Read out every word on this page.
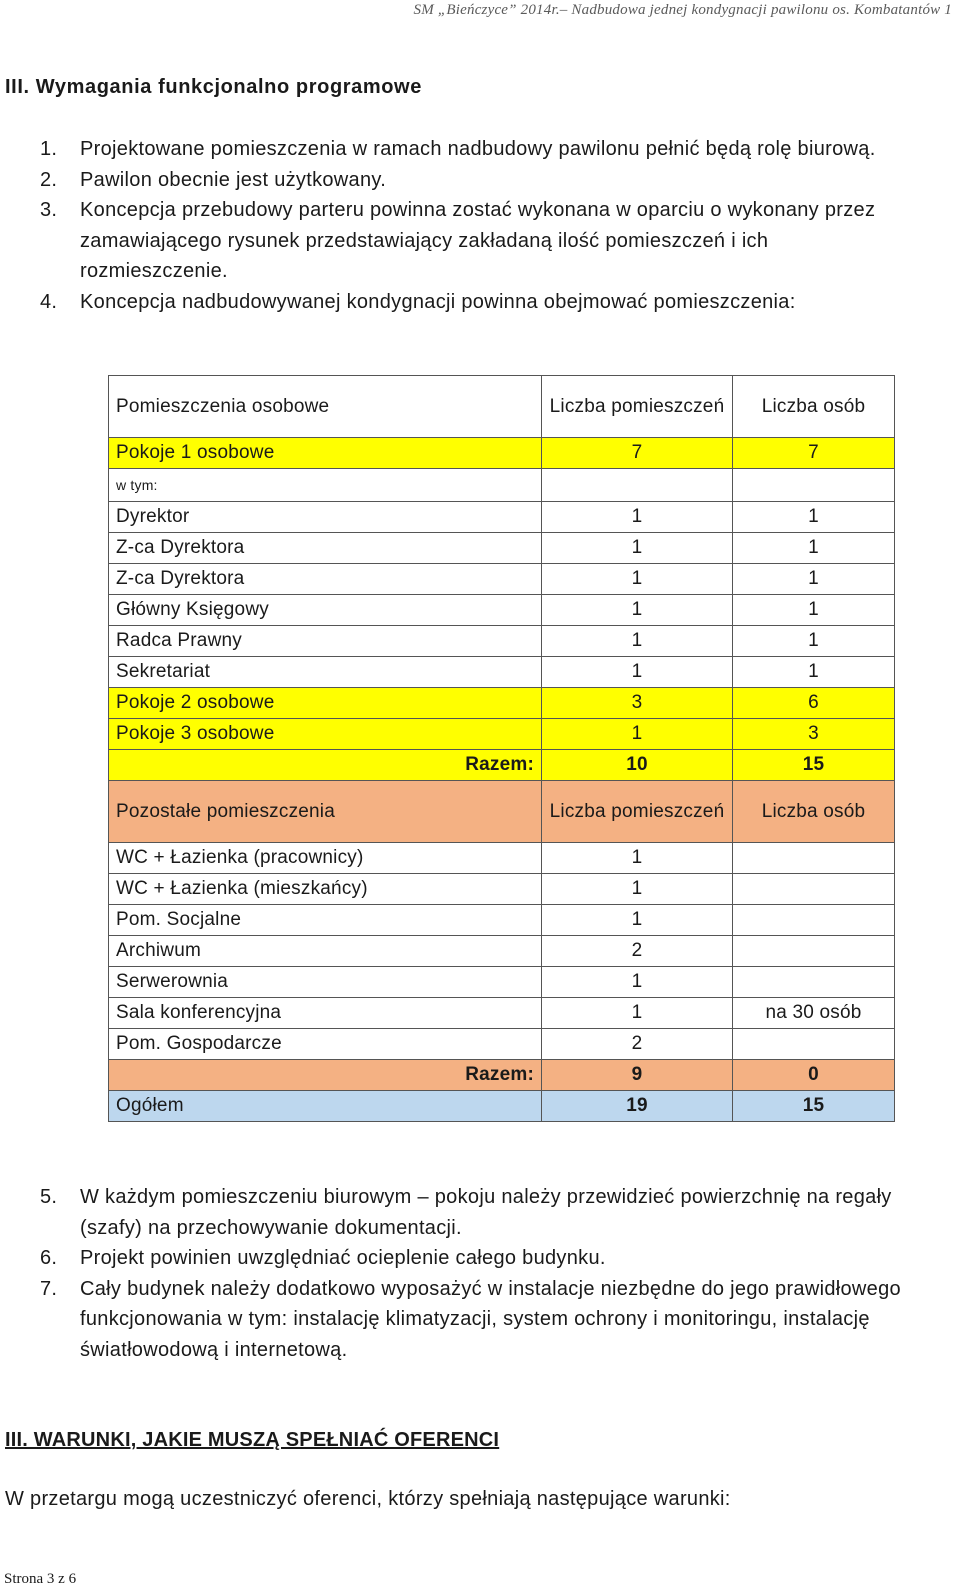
SM „Bieńczyce” 2014r.– Nadbudowa jednej kondygnacji pawilonu os. Kombatantów 1
III. Wymagania funkcjonalno programowe
1. Projektowane pomieszczenia w ramach nadbudowy pawilonu pełnić będą rolę biurową.
2. Pawilon obecnie jest użytkowany.
3. Koncepcja przebudowy parteru powinna zostać wykonana w oparciu o wykonany przez zamawiającego rysunek przedstawiający zakładaną ilość pomieszczeń i ich rozmieszczenie.
4. Koncepcja nadbudowywanej kondygnacji powinna obejmować pomieszczenia:
Pomieszczenia osobowe	Liczba pomieszczeń	Liczba osób
Pokoje 1 osobowe	7	7
w tym:		
Dyrektor	1	1
Z-ca Dyrektora	1	1
Z-ca Dyrektora	1	1
Główny Księgowy	1	1
Radca Prawny	1	1
Sekretariat	1	1
Pokoje 2 osobowe	3	6
Pokoje 3 osobowe	1	3
Razem:	10	15
Pozostałe pomieszczenia	Liczba pomieszczeń	Liczba osób
WC + Łazienka (pracownicy)	1	
WC + Łazienka (mieszkańcy)	1	
Pom. Socjalne	1	
Archiwum	2	
Serwerownia	1	
Sala konferencyjna	1	na 30 osób
Pom. Gospodarcze	2	
Razem:	9	0
Ogółem	19	15
5. W każdym pomieszczeniu biurowym – pokoju należy przewidzieć powierzchnię na regały (szafy) na przechowywanie dokumentacji.
6. Projekt powinien uwzględniać ocieplenie całego budynku.
7. Cały budynek należy dodatkowo wyposażyć w instalacje niezbędne do jego prawidłowego funkcjonowania w tym: instalację klimatyzacji, system ochrony i monitoringu, instalację światłowodową i internetową.
III. WARUNKI, JAKIE MUSZĄ SPEŁNIAĆ OFERENCI
W przetargu mogą uczestniczyć oferenci, którzy spełniają następujące warunki:
Strona 3 z 6
